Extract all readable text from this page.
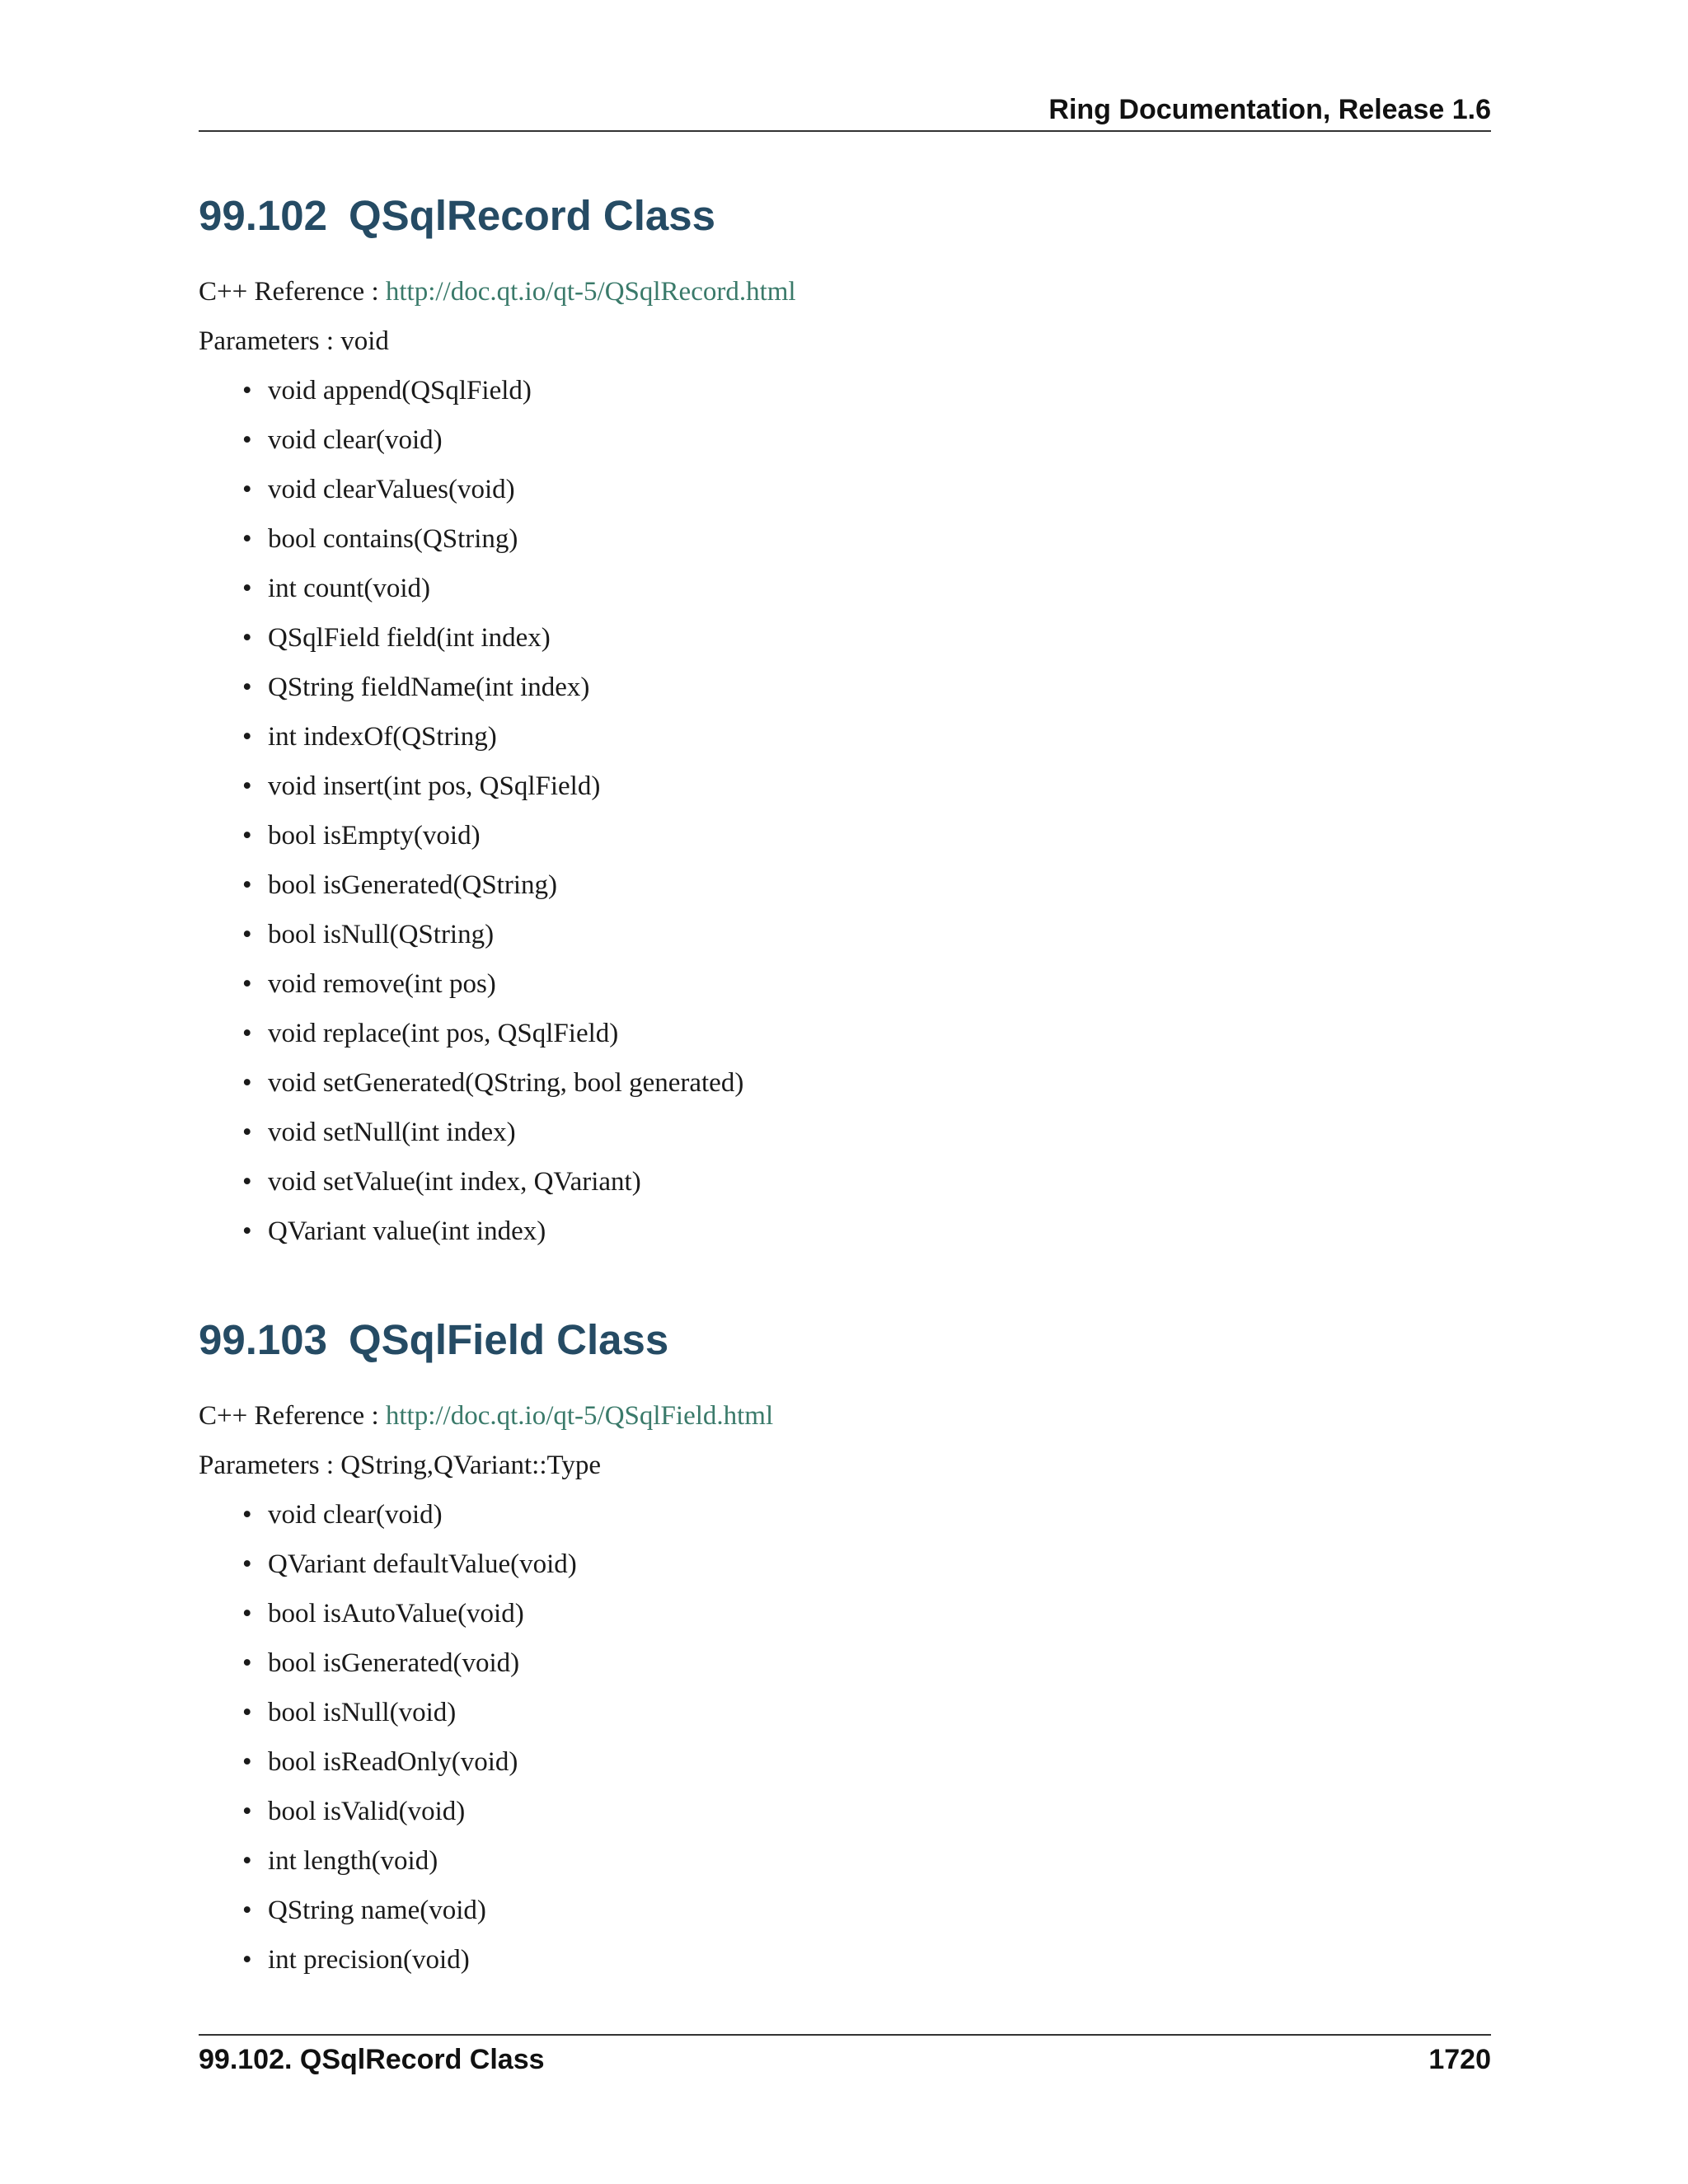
Ring Documentation, Release 1.6
99.102 QSqlRecord Class

C++ Reference : http://doc.qt.io/qt-5/QSqlRecord.html

Parameters : void

• void append(QSqlField)
• void clear(void)
• void clearValues(void)
• bool contains(QString)
• int count(void)
• QSqlField field(int index)
• QString fieldName(int index)
• int indexOf(QString)
• void insert(int pos, QSqlField)
• bool isEmpty(void)
• bool isGenerated(QString)
• bool isNull(QString)
• void remove(int pos)
• void replace(int pos, QSqlField)
• void setGenerated(QString, bool generated)
• void setNull(int index)
• void setValue(int index, QVariant)
• QVariant value(int index)
99.103 QSqlField Class

C++ Reference : http://doc.qt.io/qt-5/QSqlField.html

Parameters : QString,QVariant::Type

• void clear(void)
• QVariant defaultValue(void)
• bool isAutoValue(void)
• bool isGenerated(void)
• bool isNull(void)
• bool isReadOnly(void)
• bool isValid(void)
• int length(void)
• QString name(void)
• int precision(void)
99.102. QSqlRecord Class	1720
